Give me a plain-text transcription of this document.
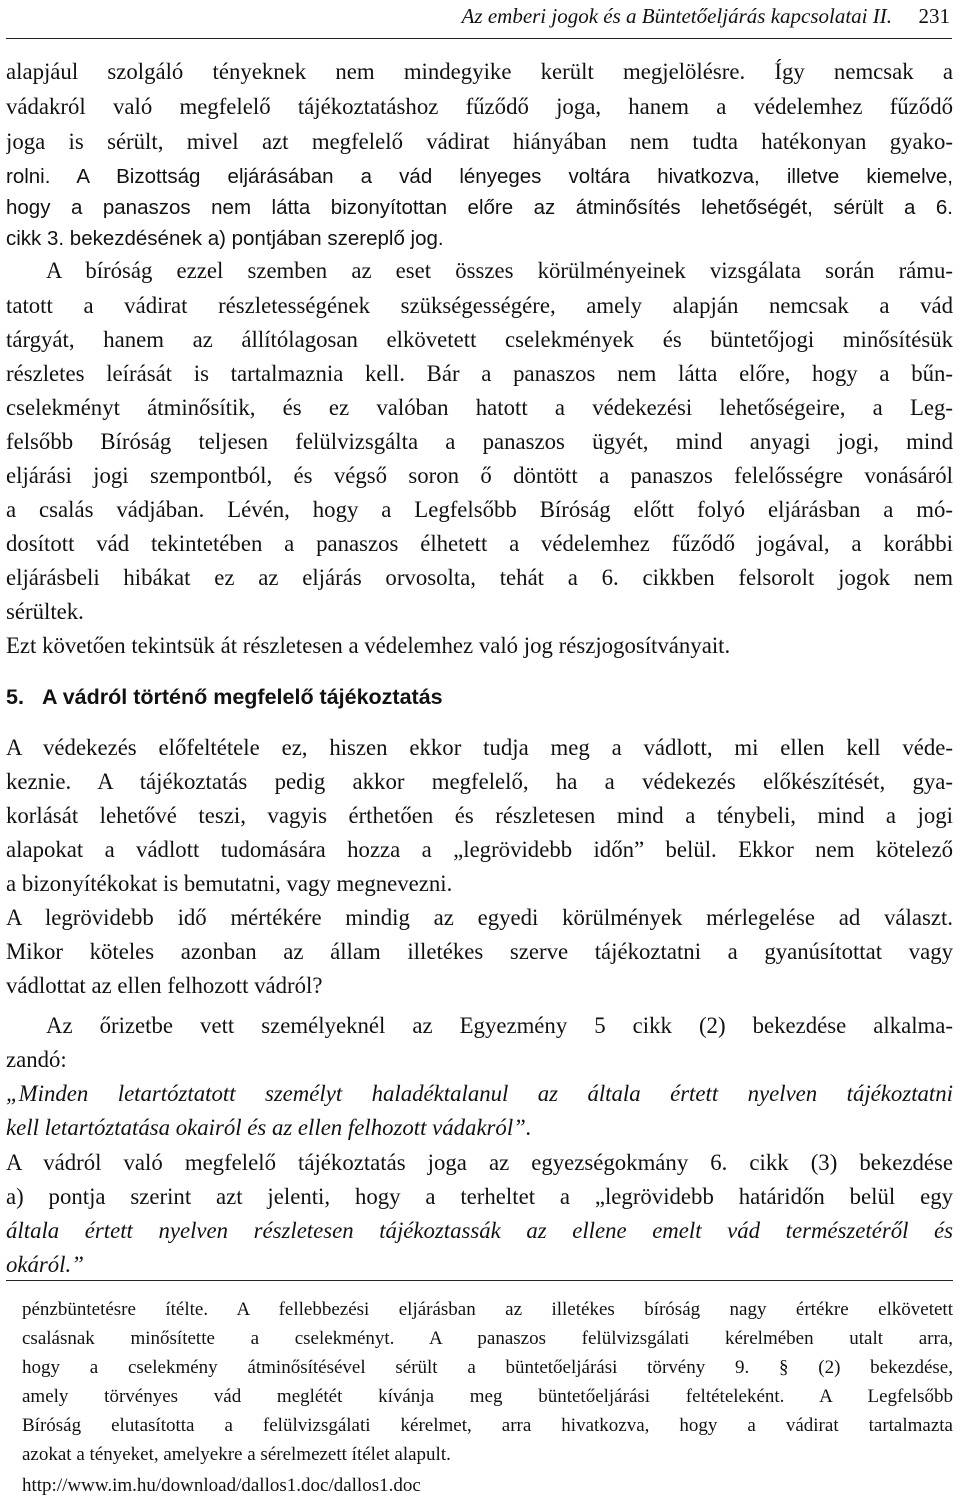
Az emberi jogok és a Büntetőeljárás kapcsolatai II. 231
alapjául szolgáló tényeknek nem mindegyike került megjelölésre. Így nemcsak a
vádakról való megfelelő tájékoztatáshoz fűződő joga, hanem a védelemhez fűződő
joga is sérült, mivel azt megfelelő vádirat hiányában nem tudta hatékonyan gyako-
rolni. A Bizottság eljárásában a vád lényeges voltára hivatkozva, illetve kiemelve,
hogy a panaszos nem látta bizonyítottan előre az átminősítés lehetőségét, sérült a 6.
cikk 3. bekezdésének a) pontjában szereplő jog.
A bíróság ezzel szemben az eset összes körülményeinek vizsgálata során rámu-
tatott a vádirat részletességének szükségességére, amely alapján nemcsak a vád
tárgyát, hanem az állítólagosan elkövetett cselekmények és büntetőjogi minősítésük
részletes leírását is tartalmaznia kell. Bár a panaszos nem látta előre, hogy a bűn-
cselekményt átminősítik, és ez valóban hatott a védekezési lehetőségeire, a Leg-
felsőbb Bíróság teljesen felülvizsgálta a panaszos ügyét, mind anyagi jogi, mind
eljárási jogi szempontból, és végső soron ő döntött a panaszos felelősségre vonásáról
a csalás vádjában. Lévén, hogy a Legfelsőbb Bíróság előtt folyó eljárásban a mó-
dosított vád tekintetében a panaszos élhetett a védelemhez fűződő jogával, a korábbi
eljárásbeli hibákat ez az eljárás orvosolta, tehát a 6. cikkben felsorolt jogok nem
sérültek.
Ezt követően tekintsük át részletesen a védelemhez való jog részjogosítványait.
5. A vádról történő megfelelő tájékoztatás
A védekezés előfeltétele ez, hiszen ekkor tudja meg a vádlott, mi ellen kell véde-
keznie. A tájékoztatás pedig akkor megfelelő, ha a védekezés előkészítését, gya-
korlását lehetővé teszi, vagyis érthetően és részletesen mind a ténybeli, mind a jogi
alapokat a vádlott tudomására hozza a „legrövidebb időn” belül. Ekkor nem kötelező
a bizonyítékokat is bemutatni, vagy megnevezni.
A legrövidebb idő mértékére mindig az egyedi körülmények mérlegelése ad választ.
Mikor köteles azonban az állam illetékes szerve tájékoztatni a gyanúsítottat vagy
vádlottat az ellen felhozott vádról?
Az őrizetbe vett személyeknél az Egyezmény 5 cikk (2) bekezdése alkalma-
zandó:
„Minden letartóztatott személyt haladéktalanul az általa értett nyelven tájékoztatni
kell letartóztatása okairól és az ellen felhozott vádakról”.
A vádról való megfelelő tájékoztatás joga az egyezségokmány 6. cikk (3) bekezdése
a) pontja szerint azt jelenti, hogy a terheltet a „legrövidebb határidőn belül egy
általa értett nyelven részletesen tájékoztassák az ellene emelt vád természetéről és
okáról.”
pénzbüntetésre ítélte. A fellebbezési eljárásban az illetékes bíróság nagy értékre elkövetett
csalásnak minősítette a cselekményt. A panaszos felülvizsgálati kérelmében utalt arra,
hogy a cselekmény átminősítésével sérült a büntetőeljárási törvény 9. § (2) bekezdése,
amely törvényes vád meglétét kívánja meg büntetőeljárási feltételeként. A Legfelsőbb
Bíróság elutasította a felülvizsgálati kérelmet, arra hivatkozva, hogy a vádirat tartalmazta
azokat a tényeket, amelyekre a sérelmezett ítélet alapult.
http://www.im.hu/download/dallos1.doc/dallos1.doc
